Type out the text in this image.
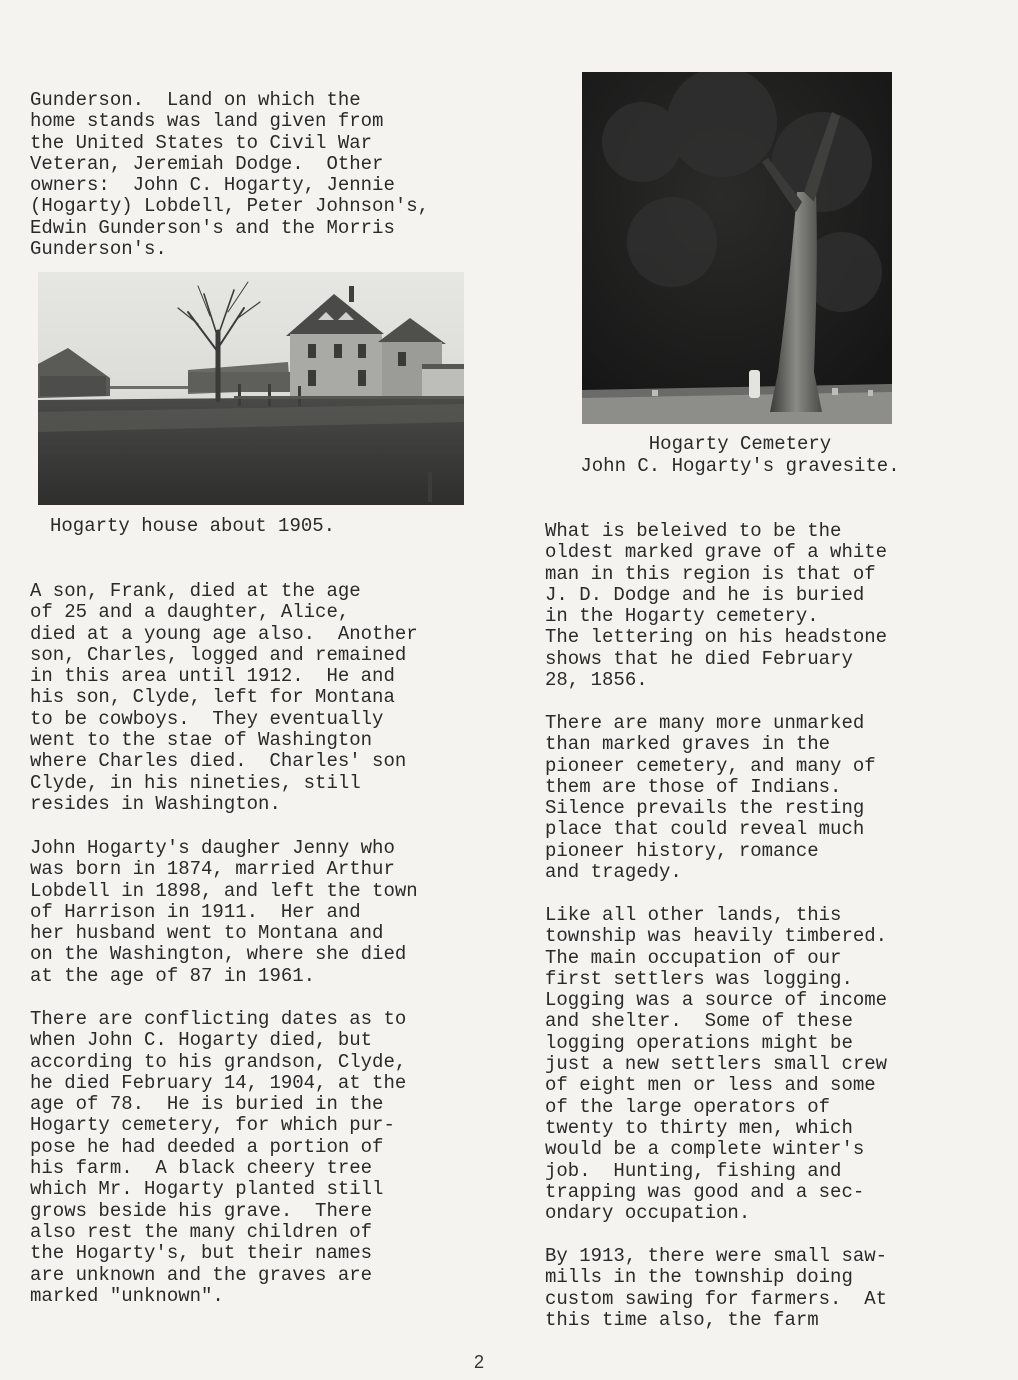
Gunderson.  Land on which the
home stands was land given from
the United States to Civil War
Veteran, Jeremiah Dodge.  Other
owners:  John C. Hogarty, Jennie
(Hogarty) Lobdell, Peter Johnson's,
Edwin Gunderson's and the Morris
Gunderson's.

Hogarty house about 1905.

A son, Frank, died at the age
of 25 and a daughter, Alice,
died at a young age also.  Another
son, Charles, logged and remained
in this area until 1912.  He and
his son, Clyde, left for Montana
to be cowboys.  They eventually
went to the stae of Washington
where Charles died.  Charles' son
Clyde, in his nineties, still
resides in Washington.

John Hogarty's daugher Jenny who
was born in 1874, married Arthur
Lobdell in 1898, and left the town
of Harrison in 1911.  Her and
her husband went to Montana and
on the Washington, where she died
at the age of 87 in 1961.

There are conflicting dates as to
when John C. Hogarty died, but
according to his grandson, Clyde,
he died February 14, 1904, at the
age of 78.  He is buried in the
Hogarty cemetery, for which pur-
pose he had deeded a portion of
his farm.  A black cheery tree
which Mr. Hogarty planted still
grows beside his grave.  There
also rest the many children of
the Hogarty's, but their names
are unknown and the graves are
marked "unknown".

Hogarty Cemetery
John C. Hogarty's gravesite.

What is beleived to be the
oldest marked grave of a white
man in this region is that of
J. D. Dodge and he is buried
in the Hogarty cemetery.
The lettering on his headstone
shows that he died February
28, 1856.

There are many more unmarked
than marked graves in the
pioneer cemetery, and many of
them are those of Indians.
Silence prevails the resting
place that could reveal much
pioneer history, romance
and tragedy.

Like all other lands, this
township was heavily timbered.
The main occupation of our
first settlers was logging.
Logging was a source of income
and shelter.  Some of these
logging operations might be
just a new settlers small crew
of eight men or less and some
of the large operators of
twenty to thirty men, which
would be a complete winter's
job.  Hunting, fishing and
trapping was good and a sec-
ondary occupation.

By 1913, there were small saw-
mills in the township doing
custom sawing for farmers.  At
this time also, the farm

2
